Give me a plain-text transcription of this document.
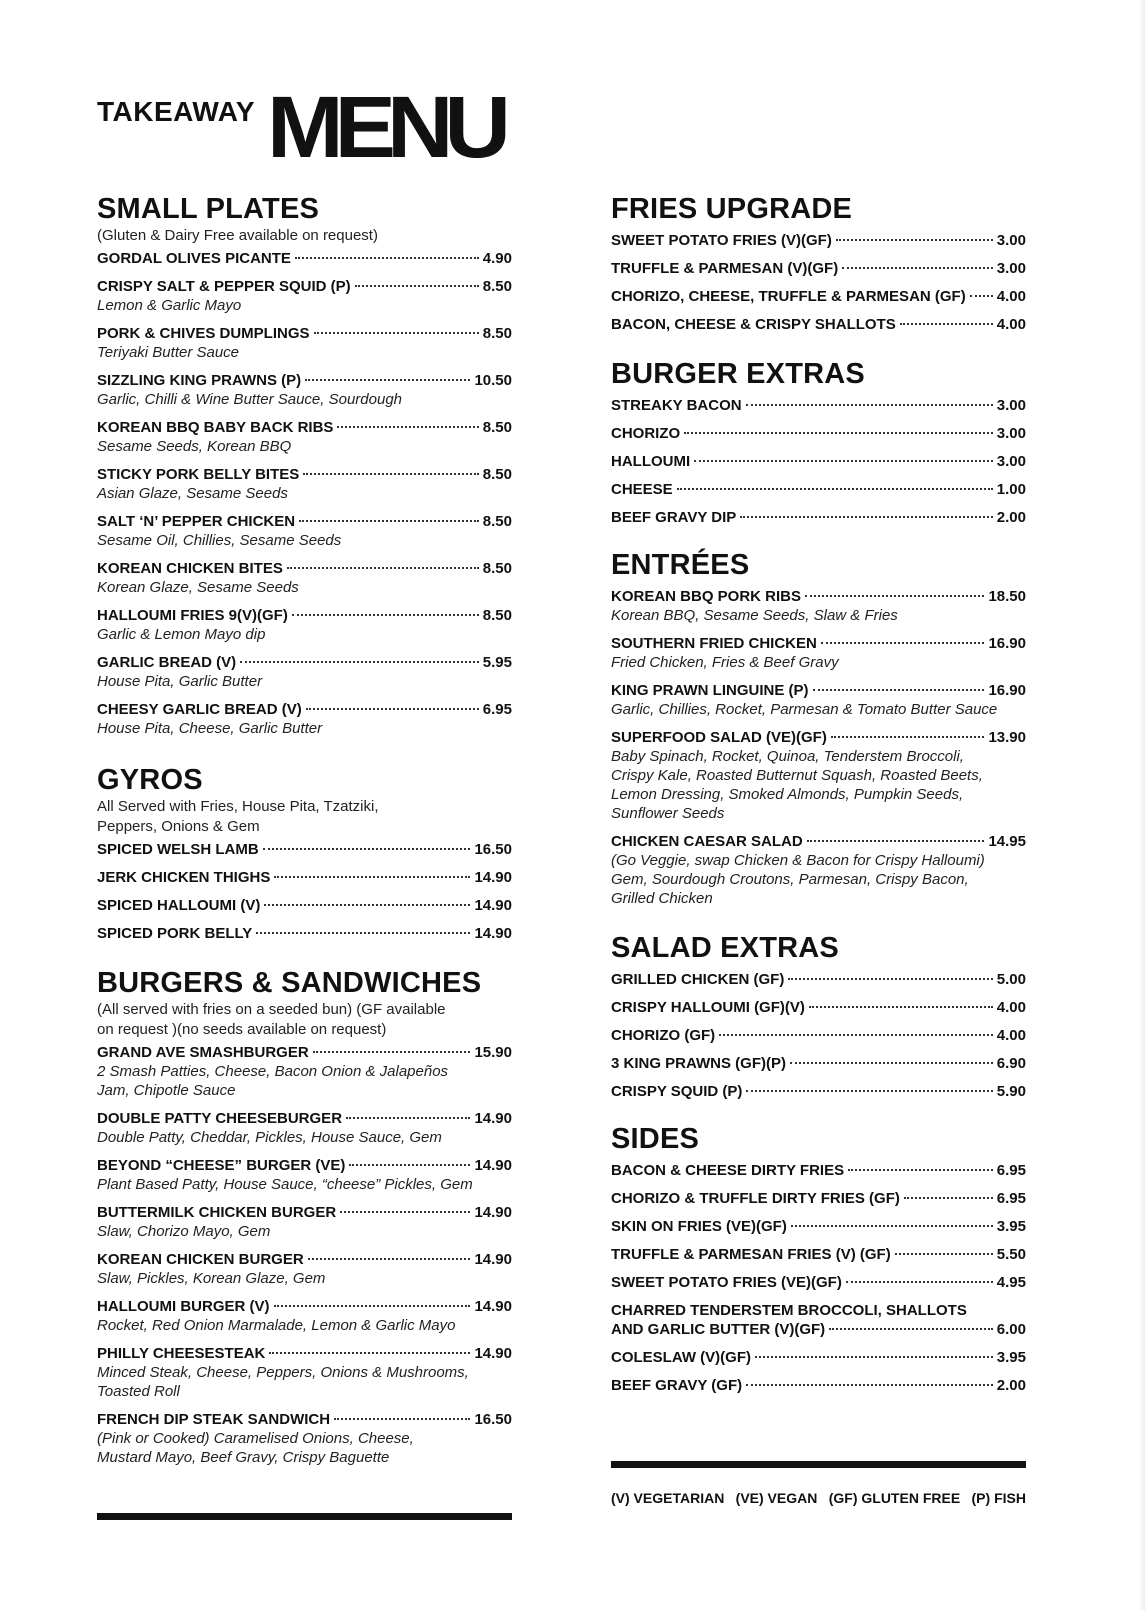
TAKEAWAY MENU
SMALL PLATES
(Gluten & Dairy Free available on request)
GORDAL OLIVES PICANTE	4.90
CRISPY SALT & PEPPER SQUID (P)	8.50
Lemon & Garlic Mayo
PORK & CHIVES DUMPLINGS	8.50
Teriyaki Butter Sauce
SIZZLING KING PRAWNS (P)	10.50
Garlic, Chilli & Wine Butter Sauce, Sourdough
KOREAN BBQ BABY BACK RIBS	8.50
Sesame Seeds, Korean BBQ
STICKY PORK BELLY BITES	8.50
Asian Glaze, Sesame Seeds
SALT ‘N’ PEPPER CHICKEN	8.50
Sesame Oil, Chillies, Sesame Seeds
KOREAN CHICKEN BITES	8.50
Korean Glaze, Sesame Seeds
HALLOUMI FRIES 9(V)(GF)	8.50
Garlic & Lemon Mayo dip
GARLIC BREAD (V)	5.95
House Pita, Garlic Butter
CHEESY GARLIC BREAD (V)	6.95
House Pita, Cheese, Garlic Butter
GYROS
All Served with Fries, House Pita, Tzatziki,
Peppers, Onions & Gem
SPICED WELSH LAMB	16.50
JERK CHICKEN THIGHS	14.90
SPICED HALLOUMI (V)	14.90
SPICED PORK BELLY	14.90
BURGERS & SANDWICHES
(All served with fries on a seeded bun) (GF available
on request )(no seeds available on request)
GRAND AVE SMASHBURGER	15.90
2 Smash Patties, Cheese, Bacon Onion & Jalapeños
Jam, Chipotle Sauce
DOUBLE PATTY CHEESEBURGER	14.90
Double Patty, Cheddar, Pickles, House Sauce, Gem
BEYOND “CHEESE” BURGER (VE)	14.90
Plant Based Patty, House Sauce, “cheese” Pickles, Gem
BUTTERMILK CHICKEN BURGER	14.90
Slaw, Chorizo Mayo, Gem
KOREAN CHICKEN BURGER	14.90
Slaw, Pickles, Korean Glaze, Gem
HALLOUMI BURGER (V)	14.90
Rocket, Red Onion Marmalade, Lemon & Garlic Mayo
PHILLY CHEESESTEAK	14.90
Minced Steak, Cheese, Peppers, Onions & Mushrooms,
Toasted Roll
FRENCH DIP STEAK SANDWICH	16.50
(Pink or Cooked) Caramelised Onions, Cheese,
Mustard Mayo, Beef Gravy, Crispy Baguette
FRIES UPGRADE
SWEET POTATO FRIES (V)(GF)	3.00
TRUFFLE & PARMESAN (V)(GF)	3.00
CHORIZO, CHEESE, TRUFFLE & PARMESAN (GF) 4.00
BACON, CHEESE & CRISPY SHALLOTS	4.00
BURGER EXTRAS
STREAKY BACON	3.00
CHORIZO	3.00
HALLOUMI	3.00
CHEESE	1.00
BEEF GRAVY DIP	2.00
ENTRÉES
KOREAN BBQ PORK RIBS	18.50
Korean BBQ, Sesame Seeds, Slaw & Fries
SOUTHERN FRIED CHICKEN	16.90
Fried Chicken, Fries & Beef Gravy
KING PRAWN LINGUINE (P)	16.90
Garlic, Chillies, Rocket, Parmesan & Tomato Butter Sauce
SUPERFOOD SALAD (VE)(GF)	13.90
Baby Spinach, Rocket, Quinoa, Tenderstem Broccoli,
Crispy Kale, Roasted Butternut Squash, Roasted Beets,
Lemon Dressing, Smoked Almonds, Pumpkin Seeds,
Sunflower Seeds
CHICKEN CAESAR SALAD	14.95
(Go Veggie, swap Chicken & Bacon for Crispy Halloumi)
Gem, Sourdough Croutons, Parmesan, Crispy Bacon,
Grilled Chicken
SALAD EXTRAS
GRILLED CHICKEN (GF)	5.00
CRISPY HALLOUMI (GF)(V)	4.00
CHORIZO (GF)	4.00
3 KING PRAWNS (GF)(P)	6.90
CRISPY SQUID (P)	5.90
SIDES
BACON & CHEESE DIRTY FRIES	6.95
CHORIZO & TRUFFLE DIRTY FRIES (GF)	6.95
SKIN ON FRIES (VE)(GF)	3.95
TRUFFLE & PARMESAN FRIES (V) (GF)	5.50
SWEET POTATO FRIES (VE)(GF)	4.95
CHARRED TENDERSTEM BROCCOLI, SHALLOTS
AND GARLIC BUTTER (V)(GF)	6.00
COLESLAW (V)(GF)	3.95
BEEF GRAVY (GF)	2.00
(V) VEGETARIAN (VE) VEGAN (GF) GLUTEN FREE (P) FISH
